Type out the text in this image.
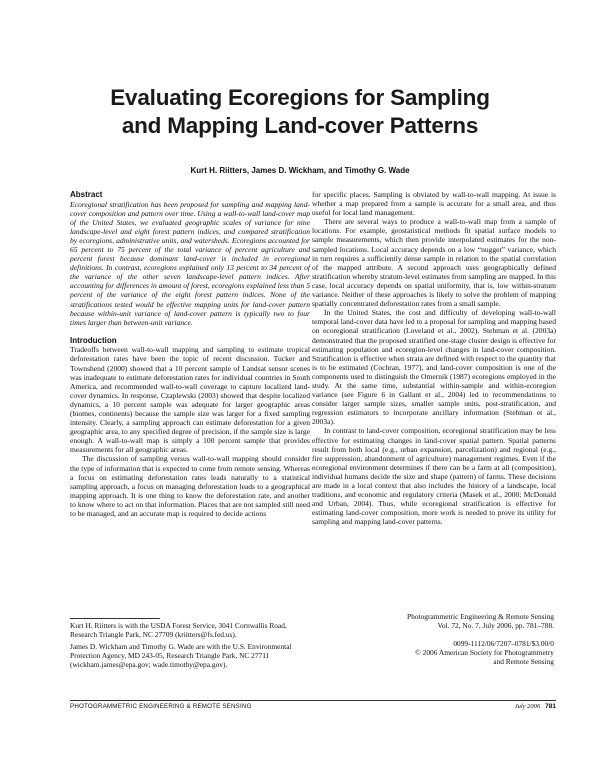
Evaluating Ecoregions for Sampling
and Mapping Land-cover Patterns
Kurt H. Riitters, James D. Wickham, and Timothy G. Wade
Abstract

Ecoregional stratification has been proposed for sampling and mapping land-cover composition and pattern over time. Using a wall-to-wall land-cover map of the United States, we evaluated geographic scales of variance for nine landscape-level and eight forest pattern indices, and compared stratification by ecoregions, administrative units, and watersheds. Ecoregions accounted for 65 percent to 75 percent of the total variance of percent agriculture and percent forest because dominant land-cover is included in ecoregional definitions. In contrast, ecoregions explained only 13 percent to 34 percent of the variance of the other seven landscape-level pattern indices. After accounting for differences in amount of forest, ecoregions explained less than 5 percent of the variance of the eight forest pattern indices. None of the stratifications tested would be effective mapping units for land-cover pattern because within-unit variance of land-cover pattern is typically two to four times larger than between-unit variance.

Introduction

Tradeoffs between wall-to-wall mapping and sampling to estimate tropical deforestation rates have been the topic of recent discussion. Tucker and Townshend (2000) showed that a 10 percent sample of Landsat sensor scenes was inadequate to estimate deforestation rates for individual countries in South America, and recommended wall-to-wall coverage to capture localized land-cover dynamics. In response, Czaplewski (2003) showed that despite localized dynamics, a 10 percent sample was adequate for larger geographic areas (biomes, continents) because the sample size was larger for a fixed sampling intensity. Clearly, a sampling approach can estimate deforestation for a given geographic area, to any specified degree of precision, if the sample size is large enough. A wall-to-wall map is simply a 100 percent sample that provides measurements for all geographic areas.

The discussion of sampling versus wall-to-wall mapping should consider the type of information that is expected to come from remote sensing. Whereas a focus on estimating deforestation rates leads naturally to a statistical sampling approach, a focus on managing deforestation leads to a geographical mapping approach. It is one thing to know the deforestation rate, and another to know where to act on that information. Places that are not sampled still need to be managed, and an accurate map is required to decide actions

for specific places. Sampling is obviated by wall-to-wall mapping. At issue is whether a map prepared from a sample is accurate for a small area, and thus useful for local land management.

There are several ways to produce a wall-to-wall map from a sample of locations. For example, geostatistical methods fit spatial surface models to sample measurements, which then provide interpolated estimates for the non-sampled locations. Local accuracy depends on a low “nugget” variance, which in turn requires a sufficiently dense sample in relation to the spatial correlation of the mapped attribute. A second approach uses geographically defined stratification whereby stratum-level estimates from sampling are mapped. In this case, local accuracy depends on spatial uniformity, that is, low within-stratum variance. Neither of these approaches is likely to solve the problem of mapping spatially concentrated deforestation rates from a small sample.

In the United States, the cost and difficulty of developing wall-to-wall temporal land-cover data have led to a proposal for sampling and mapping based on ecoregional stratification (Loveland et al., 2002). Stehman et al. (2003a) demonstrated that the proposed stratified one-stage cluster design is effective for estimating population and ecoregion-level changes in land-cover composition. Stratification is effective when strata are defined with respect to the quantity that is to be estimated (Cochran, 1977), and land-cover composition is one of the components used to distinguish the Omernik (1987) ecoregions employed in the study. At the same time, substantial within-sample and within-ecoregion variance (see Figure 6 in Gallant et al., 2004) led to recommendations to consider larger sample sizes, smaller sample units, post-stratification, and regression estimators to incorporate ancillary information (Stehman et al., 2003a).

In contrast to land-cover composition, ecoregional stratification may be less effective for estimating changes in land-cover spatial pattern. Spatial patterns result from both local (e.g., urban expansion, parcelization) and regional (e.g., fire suppression, abandonment of agriculture) management regimes. Even if the ecoregional environment determines if there can be a farm at all (composition), individual humans decide the size and shape (pattern) of farms. These decisions are made in a local context that also includes the history of a landscape, local traditions, and economic and regulatory criteria (Masek et al., 2000; McDonald and Urban, 2004). Thus, while ecoregional stratification is effective for estimating land-cover composition, more work is needed to prove its utility for sampling and mapping land-cover patterns.

Kurt H. Riitters is with the USDA Forest Service, 3041 Cornwallis Road, Research Triangle Park, NC 27709 (kriitters@fs.fed.us).

James D. Wickham and Timothy G. Wade are with the U.S. Environmental Protection Agency, MD 243-05, Research Triangle Park, NC 27711 (wickham.james@epa.gov; wade.timothy@epa.gov).

Photogrammetric Engineering & Remote Sensing
Vol. 72, No. 7, July 2006, pp. 781–788.
0099-1112/06/7207–0781/$3.00/0
© 2006 American Society for Photogrammetry
and Remote Sensing
PHOTOGRAMMETRIC ENGINEERING & REMOTE SENSING	July 2006 781
